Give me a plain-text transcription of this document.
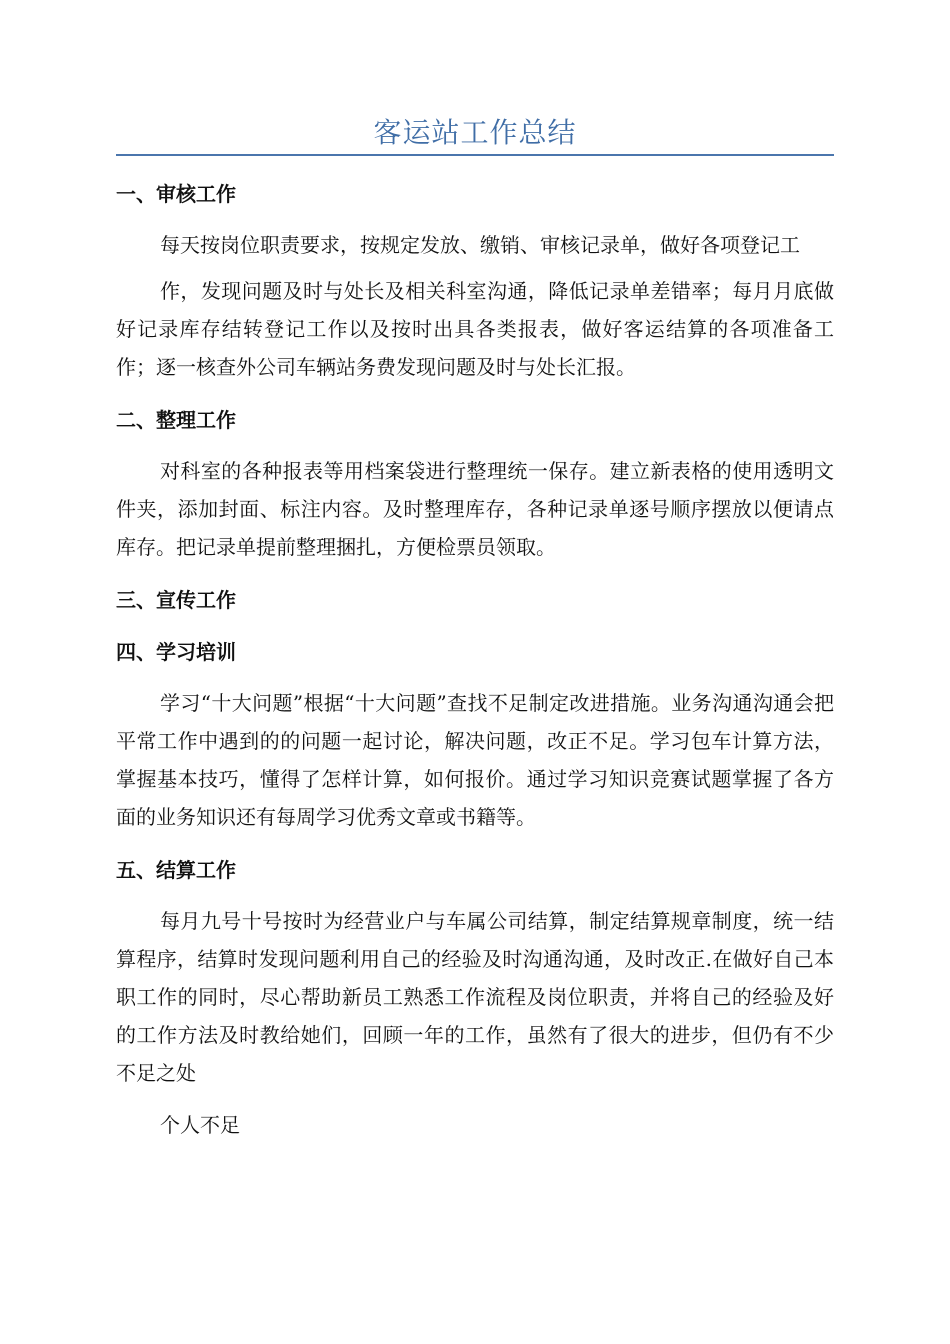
客运站工作总结
一、审核工作

每天按岗位职责要求，按规定发放、缴销、审核记录单，做好各项登记工

作，发现问题及时与处长及相关科室沟通，降低记录单差错率；每月月底做好记录库存结转登记工作以及按时出具各类报表，做好客运结算的各项准备工作；逐一核查外公司车辆站务费发现问题及时与处长汇报。

二、整理工作

对科室的各种报表等用档案袋进行整理统一保存。建立新表格的使用透明文件夹，添加封面、标注内容。及时整理库存，各种记录单逐号顺序摆放以便请点库存。把记录单提前整理捆扎，方便检票员领取。

三、宣传工作
四、学习培训

学习“十大问题”根据“十大问题”查找不足制定改进措施。业务沟通沟通会把平常工作中遇到的的问题一起讨论，解决问题，改正不足。学习包车计算方法，掌握基本技巧，懂得了怎样计算，如何报价。通过学习知识竞赛试题掌握了各方面的业务知识还有每周学习优秀文章或书籍等。

五、结算工作

每月九号十号按时为经营业户与车属公司结算，制定结算规章制度，统一结算程序，结算时发现问题利用自己的经验及时沟通沟通，及时改正.在做好自己本职工作的同时，尽心帮助新员工熟悉工作流程及岗位职责，并将自己的经验及好的工作方法及时教给她们，回顾一年的工作，虽然有了很大的进步，但仍有不少不足之处

个人不足
